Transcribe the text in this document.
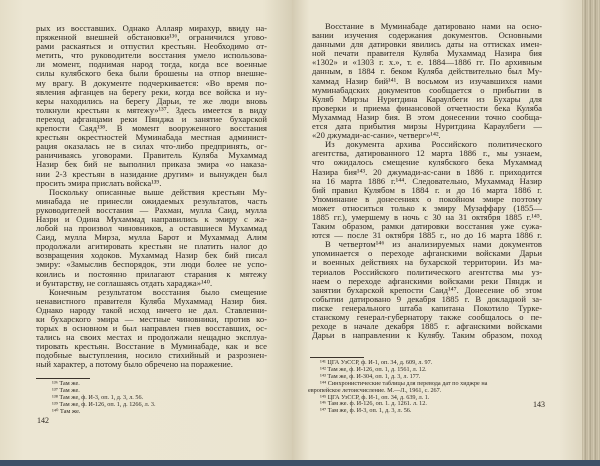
рых из восставших. Однако Аллаяр мирахур, ввиду на-
пряженной внешней обстановки¹³⁶, ограничился угово-
рами раскаяться и отпустил крестьян. Необходимо от-
метить, что руководители восстания умело использова-
ли момент, поднимая народ тогда, когда все военные
силы кулябского бека были брошены на отпор внешне-
му врагу. В документе подчеркивается: «Во время по-
явления афганцев на берегу реки, когда все войска и ну-
керы находились на берегу Дарьи, те же люди вновь
толкнули крестьян к мятежу»¹³⁷. Здесь имеется в виду
переход афганцами реки Пянджа и занятие бухарской
крепости Саяд¹³⁸. В момент вооруженного восстания
крестьян окрестностей Муминабада местная админист-
рация оказалась не в силах что-либо предпринять, ог-
раничиваясь уговорами. Правитель Куляба Мухаммад
Назир бек бий не выполнил приказа эмира «о наказа-
нии 2-3 крестьян в назидание другим» и вынужден был
просить эмира прислать войска¹³⁹.
Поскольку описанные выше действия крестьян Му-
минабада не принесли ожидаемых результатов, часть
руководителей восстания — Рахман, мулла Саид, мулла
Назри и Одина Мухаммад направились к эмиру с жа-
лобой на произвол чиновников, а оставшиеся Мухаммад
Саид, мулла Мирза, мулла Барот и Мухаммад Алим
продолжали агитировать крестьян не платить налог до
возвращения ходоков. Мухаммад Назир бек бий писал
эмиру: «Замыслив беспорядок, эти люди более не успо-
коились и постоянно прилагают старания к мятежу
и бунтарству, не соглашаясь отдать хараджа»¹⁴⁰.
Конечным результатом восстания было смещение
ненавистного правителя Куляба Мухаммад Назир бия.
Однако народу такой исход ничего не дал. Ставленни-
ки бухарского эмира — местные чиновники, против ко-
торых в основном и был направлен гнев восставших, ос-
тались на своих местах и продолжали нещадно эксплуа-
тировать крестьян. Восстание в Муминабаде, как и все
подобные выступления, носило стихийный и разрознен-
ный характер, а потому было обречено на поражение.
¹³⁶ Там же.
¹³⁷ Там же.
¹³⁸ Там же, ф. И-3, оп. 1, д. 3, л. 56.
¹³⁹ Там же, ф. И-126, оп. 1, д. 1266, л. 3.
¹⁴⁰ Там же.
142
Восстание в Муминабаде датировано нами на осно-
вании изучения содержания документов. Основными
данными для датировки явились даты на оттисках имен-
ной печати правителя Куляба Мухаммад Назира бия
«1302» и «1303 г. х.», т. е. 1884—1886 гг. По архивным
данным, в 1884 г. беком Куляба действительно был Му-
хаммад Назир бий¹⁴¹. В восьмом из изучавшихся нами
муминабадских документов сообщается о прибытии в
Куляб Мирзы Нуритдина Караулбеги из Бухары для
проверки и приема финансовой отчетности бека Куляба
Мухаммад Назир бия. В этом донесении точно сообща-
ется дата прибытия мирзы Нуритдина Караулбеги —
«20 джумади-ас-сани», четверг»¹⁴².
Из документа архива Российского политического
агентства, датированного 12 марта 1886 г., мы узнаем,
что ожидалось смещение кулябского бека Мухаммад
Назира бия¹⁴³. 20 джумади-ас-сани в 1886 г. приходится
на 16 марта 1886 г.¹⁴⁴. Следовательно, Мухаммад Назир
бий правил Кулябом в 1884 г. и до 16 марта 1886 г.
Упоминание в донесениях о покойном эмире поэтому
может относиться только к эмиру Музаффару (1855—
1885 гг.), умершему в ночь с 30 на 31 октября 1885 г.¹⁴⁵.
Таким образом, рамки датировки восстания уже сужа-
ются — после 31 октября 1885 г., но до 16 марта 1886 г.
В четвертом¹⁴⁶ из анализируемых нами документов
упоминается о переходе афганскими войсками Дарьи
и военных действиях на бухарской территории. Из ма-
териалов Российского политического агентства мы уз-
наем о переходе афганскими войсками реки Пяндж и
занятии бухарской крепости Саид¹⁴⁷. Донесение об этом
событии датировано 9 декабря 1885 г. В докладной за-
писке генерального штаба капитана Покотило Турке-
станскому генерал-губернатору также сообщалось о пе-
реходе в начале декабря 1885 г. афганскими войсками
Дарьи в направлении к Кулябу. Таким образом, поход
¹⁴¹ ЦГА УзССР, ф. И-1, оп. 34, д. 609, л. 97.
¹⁴² Там же, ф. И-126, оп. 1, д. 1561, л. 12.
¹⁴³ Там же, ф. И-304, оп. 1, д. 3, л. 177.
¹⁴⁴ Синхронистические таблицы для перевода дат по хиджре на
европейское летоисчисление. М.—Л., 1961, с. 267.
¹⁴⁵ ЦГА УзССР, ф. И-1, оп. 34, д. 639, л. 1.
¹⁴⁶ Там же. ф. И-126, оп. 1. д. 1261. л. 12.
¹⁴⁷ Там же, ф. И-3, оп. 1, д. 3, л. 56.
143
